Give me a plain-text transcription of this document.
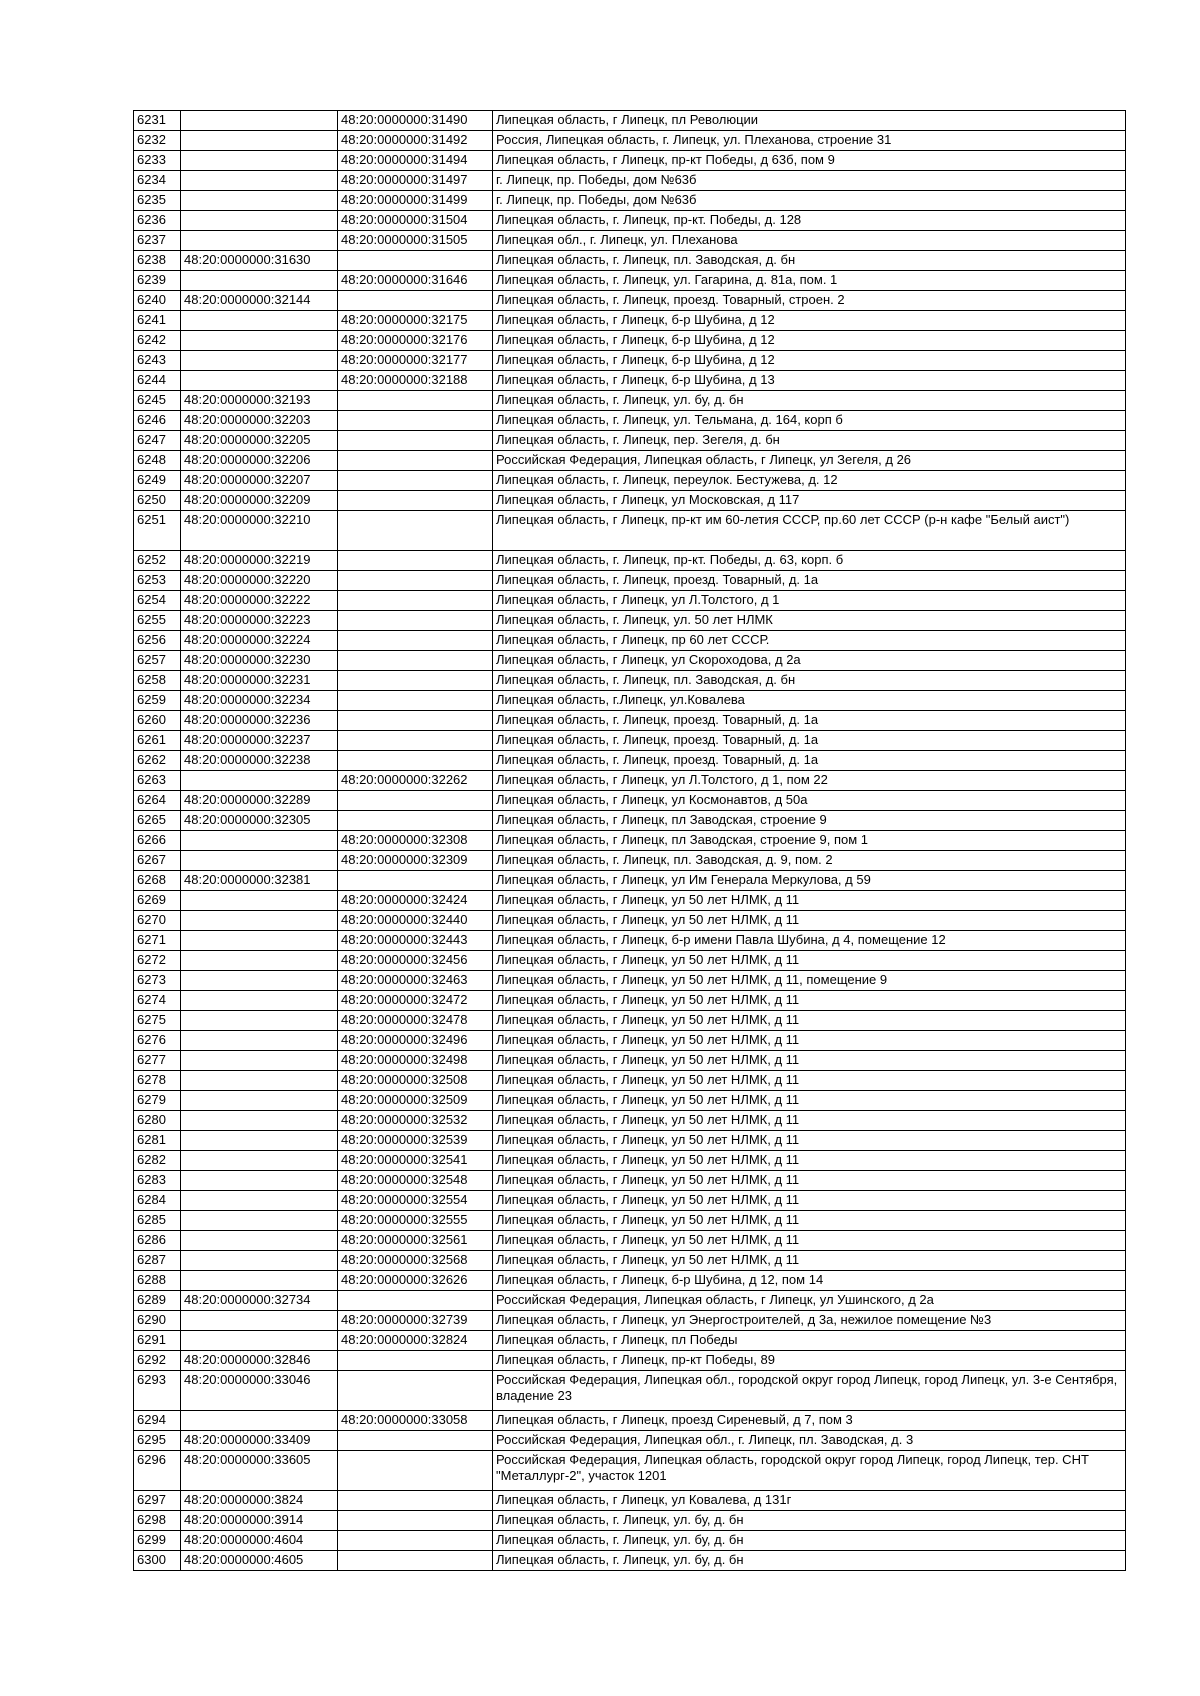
6231		48:20:0000000:31490	Липецкая область, г Липецк, пл Революции
6232		48:20:0000000:31492	Россия, Липецкая область, г. Липецк, ул. Плеханова, строение 31
6233		48:20:0000000:31494	Липецкая область, г Липецк, пр-кт Победы, д 63б, пом 9
6234		48:20:0000000:31497	г. Липецк, пр. Победы, дом №63б
6235		48:20:0000000:31499	г. Липецк, пр. Победы, дом №63б
6236		48:20:0000000:31504	Липецкая область, г. Липецк, пр-кт. Победы, д. 128
6237		48:20:0000000:31505	Липецкая обл., г. Липецк, ул. Плеханова
6238	48:20:0000000:31630		Липецкая область, г. Липецк, пл. Заводская, д. бн
6239		48:20:0000000:31646	Липецкая область, г. Липецк, ул. Гагарина, д. 81а, пом. 1
6240	48:20:0000000:32144		Липецкая область, г. Липецк, проезд. Товарный, строен. 2
6241		48:20:0000000:32175	Липецкая область, г Липецк, б-р Шубина, д 12
6242		48:20:0000000:32176	Липецкая область, г Липецк, б-р Шубина, д 12
6243		48:20:0000000:32177	Липецкая область, г Липецк, б-р Шубина, д 12
6244		48:20:0000000:32188	Липецкая область, г Липецк, б-р Шубина, д 13
6245	48:20:0000000:32193		Липецкая область, г. Липецк, ул. бу, д. бн
6246	48:20:0000000:32203		Липецкая область, г. Липецк, ул. Тельмана, д. 164, корп б
6247	48:20:0000000:32205		Липецкая область, г. Липецк, пер. Зегеля, д. бн
6248	48:20:0000000:32206		Российская Федерация, Липецкая область, г Липецк, ул Зегеля, д 26
6249	48:20:0000000:32207		Липецкая область, г. Липецк, переулок. Бестужева, д. 12
6250	48:20:0000000:32209		Липецкая область, г Липецк, ул Московская, д 117
6251	48:20:0000000:32210		Липецкая область, г Липецк, пр-кт им 60-летия СССР, пр.60 лет СССР (р-н кафе "Белый аист")
6252	48:20:0000000:32219		Липецкая область, г. Липецк, пр-кт. Победы, д. 63, корп. б
6253	48:20:0000000:32220		Липецкая область, г. Липецк, проезд. Товарный, д. 1а
6254	48:20:0000000:32222		Липецкая область, г Липецк, ул Л.Толстого, д 1
6255	48:20:0000000:32223		Липецкая область, г. Липецк, ул. 50 лет НЛМК
6256	48:20:0000000:32224		Липецкая область, г Липецк, пр 60 лет СССР.
6257	48:20:0000000:32230		Липецкая область, г Липецк, ул Скороходова, д 2а
6258	48:20:0000000:32231		Липецкая область, г. Липецк, пл. Заводская, д. бн
6259	48:20:0000000:32234		Липецкая область, г.Липецк, ул.Ковалева
6260	48:20:0000000:32236		Липецкая область, г. Липецк, проезд. Товарный, д. 1а
6261	48:20:0000000:32237		Липецкая область, г. Липецк, проезд. Товарный, д. 1а
6262	48:20:0000000:32238		Липецкая область, г. Липецк, проезд. Товарный, д. 1а
6263		48:20:0000000:32262	Липецкая область, г Липецк, ул Л.Толстого, д 1, пом 22
6264	48:20:0000000:32289		Липецкая область, г Липецк, ул Космонавтов, д 50а
6265	48:20:0000000:32305		Липецкая область, г Липецк, пл Заводская, строение 9
6266		48:20:0000000:32308	Липецкая область, г Липецк, пл Заводская, строение 9, пом 1
6267		48:20:0000000:32309	Липецкая область, г. Липецк, пл. Заводская, д. 9, пом. 2
6268	48:20:0000000:32381		Липецкая область, г Липецк, ул Им Генерала Меркулова, д 59
6269		48:20:0000000:32424	Липецкая область, г Липецк, ул 50 лет НЛМК, д 11
6270		48:20:0000000:32440	Липецкая область, г Липецк, ул 50 лет НЛМК, д 11
6271		48:20:0000000:32443	Липецкая область, г Липецк, б-р имени Павла Шубина, д 4, помещение 12
6272		48:20:0000000:32456	Липецкая область, г Липецк, ул 50 лет НЛМК, д 11
6273		48:20:0000000:32463	Липецкая область, г Липецк, ул 50 лет НЛМК, д 11, помещение 9
6274		48:20:0000000:32472	Липецкая область, г Липецк, ул 50 лет НЛМК, д 11
6275		48:20:0000000:32478	Липецкая область, г Липецк, ул 50 лет НЛМК, д 11
6276		48:20:0000000:32496	Липецкая область, г Липецк, ул 50 лет НЛМК, д 11
6277		48:20:0000000:32498	Липецкая область, г Липецк, ул 50 лет НЛМК, д 11
6278		48:20:0000000:32508	Липецкая область, г Липецк, ул 50 лет НЛМК, д 11
6279		48:20:0000000:32509	Липецкая область, г Липецк, ул 50 лет НЛМК, д 11
6280		48:20:0000000:32532	Липецкая область, г Липецк, ул 50 лет НЛМК, д 11
6281		48:20:0000000:32539	Липецкая область, г Липецк, ул 50 лет НЛМК, д 11
6282		48:20:0000000:32541	Липецкая область, г Липецк, ул 50 лет НЛМК, д 11
6283		48:20:0000000:32548	Липецкая область, г Липецк, ул 50 лет НЛМК, д 11
6284		48:20:0000000:32554	Липецкая область, г Липецк, ул 50 лет НЛМК, д 11
6285		48:20:0000000:32555	Липецкая область, г Липецк, ул 50 лет НЛМК, д 11
6286		48:20:0000000:32561	Липецкая область, г Липецк, ул 50 лет НЛМК, д 11
6287		48:20:0000000:32568	Липецкая область, г Липецк, ул 50 лет НЛМК, д 11
6288		48:20:0000000:32626	Липецкая область, г Липецк, б-р Шубина, д 12, пом 14
6289	48:20:0000000:32734		Российская Федерация, Липецкая область, г Липецк, ул Ушинского, д 2а
6290		48:20:0000000:32739	Липецкая область, г Липецк, ул Энергостроителей, д 3а, нежилое помещение №3
6291		48:20:0000000:32824	Липецкая область, г Липецк, пл Победы
6292	48:20:0000000:32846		Липецкая область, г Липецк, пр-кт Победы, 89
6293	48:20:0000000:33046		Российская Федерация, Липецкая обл., городской округ город Липецк, город Липецк, ул. 3-е Сентября, владение 23
6294		48:20:0000000:33058	Липецкая область, г Липецк, проезд Сиреневый, д 7, пом 3
6295	48:20:0000000:33409		Российская Федерация, Липецкая обл., г. Липецк, пл. Заводская, д. 3
6296	48:20:0000000:33605		Российская Федерация, Липецкая область, городской округ город Липецк, город Липецк, тер. СНТ "Металлург-2", участок 1201
6297	48:20:0000000:3824		Липецкая область, г Липецк, ул Ковалева, д 131г
6298	48:20:0000000:3914		Липецкая область, г. Липецк, ул. бу, д. бн
6299	48:20:0000000:4604		Липецкая область, г. Липецк, ул. бу, д. бн
6300	48:20:0000000:4605		Липецкая область, г. Липецк, ул. бу, д. бн
